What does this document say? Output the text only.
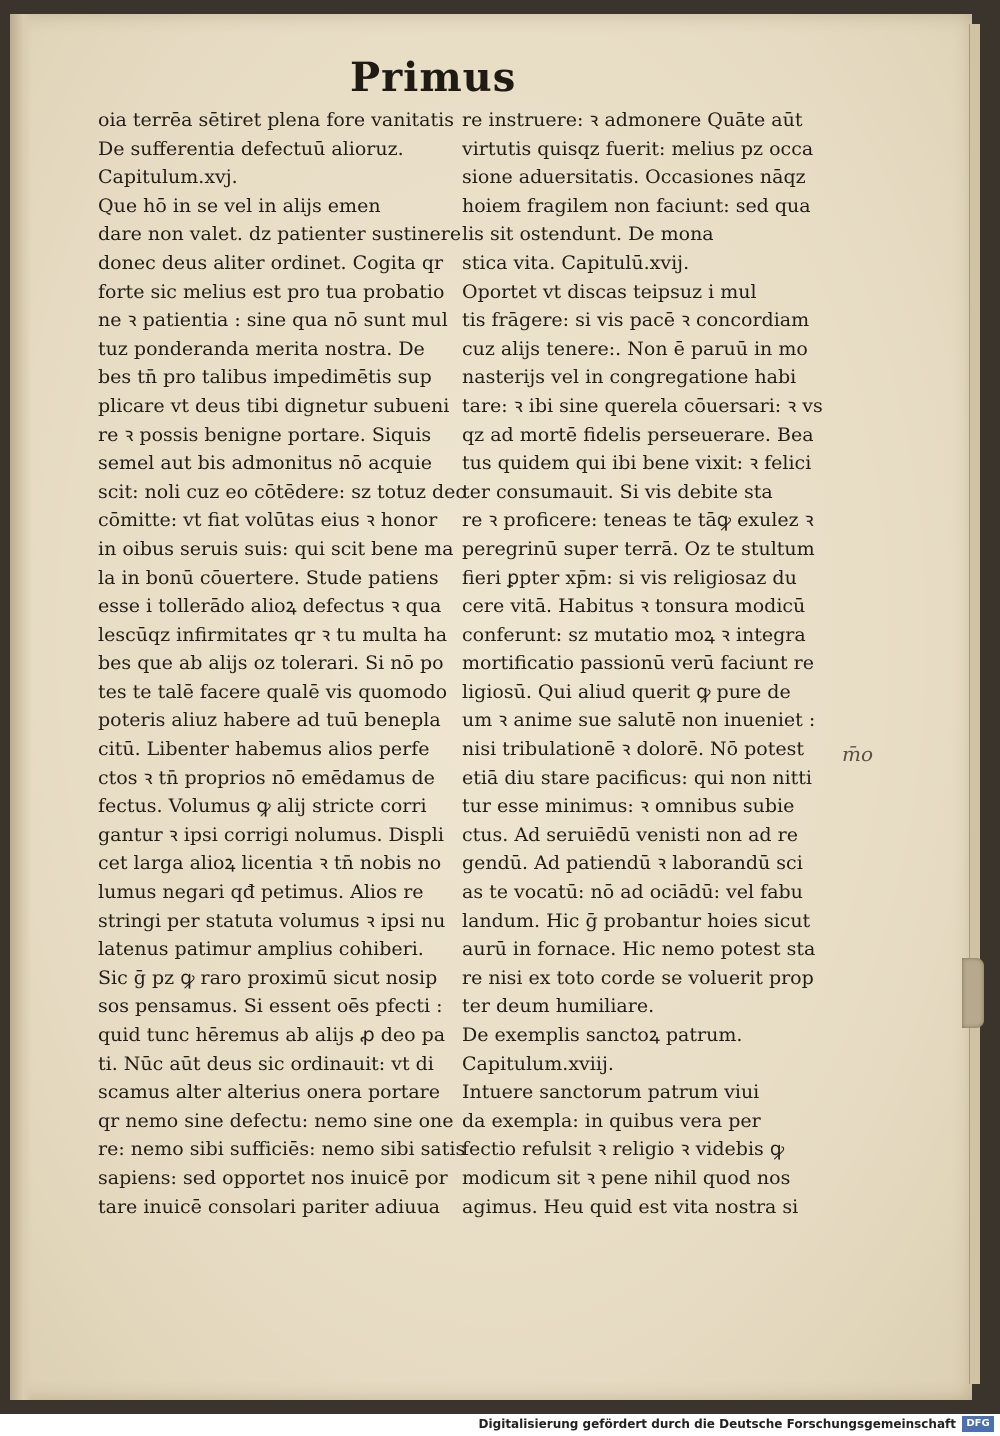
Primus
oia terrēa sētiret plena fore vanitatis
De sufferentia defectuū alioruz.
Capitulum.xvj.
Que hō in se vel in alijs emen
dare non valet. dz patienter sustinere
donec deus aliter ordinet. Cogita qr
forte sic melius est pro tua probatio
ne ꝛ patientia : sine qua nō sunt mul
tuz ponderanda merita nostra. De
bes tn̄ pro talibus impedimētis sup
plicare vt deus tibi dignetur subueni
re ꝛ possis benigne portare. Siquis
semel aut bis admonitus nō acquie
scit: noli cuz eo cōtēdere: sz totuz deo
cōmitte: vt fiat volūtas eius ꝛ honor
in oibus seruis suis: qui scit bene ma
la in bonū cōuertere. Stude patiens
esse i tollerādo alioꝝ defectus ꝛ qua
lescūqz infirmitates qr ꝛ tu multa ha
bes que ab alijs oz tolerari. Si nō po
tes te talē facere qualē vis quomodo
poteris aliuz habere ad tuū benepla
citū. Libenter habemus alios perfe
ctos ꝛ tn̄ proprios nō emēdamus de
fectus. Volumus ꝙ alij stricte corri
gantur ꝛ ipsi corrigi nolumus. Displi
cet larga alioꝝ licentia ꝛ tn̄ nobis no
lumus negari qđ petimus. Alios re
stringi per statuta volumus ꝛ ipsi nu
latenus patimur amplius cohiberi.
Sic ḡ pz ꝙ raro proximū sicut nosip
sos pensamus. Si essent oēs pfecti :
quid tunc hēremus ab alijs ꝓ deo pa
ti. Nūc aūt deus sic ordinauit: vt di
scamus alter alterius onera portare
qr nemo sine defectu: nemo sine one
re: nemo sibi sufficiēs: nemo sibi satis
sapiens: sed opportet nos inuicē por
tare inuicē consolari pariter adiuua
re instruere: ꝛ admonere Quāte aūt
virtutis quisqz fuerit: melius pz occa
sione aduersitatis. Occasiones nāqz
hoiem fragilem non faciunt: sed qua
lis sit ostendunt. De mona
stica vita. Capitulū.xvij.
Oportet vt discas teipsuz i mul
tis frāgere: si vis pacē ꝛ concordiam
cuz alijs tenere:. Non ē paruū in mo
nasterijs vel in congregatione habi
tare: ꝛ ibi sine querela cōuersari: ꝛ vs
qz ad mortē fidelis perseuerare. Bea
tus quidem qui ibi bene vixit: ꝛ felici
ter consumauit. Si vis debite sta
re ꝛ proficere: teneas te tāꝙ exulez ꝛ
peregrinū super terrā. Oz te stultum
fieri ꝑpter xp̄m: si vis religiosaz du
cere vitā. Habitus ꝛ tonsura modicū
conferunt: sz mutatio moꝝ ꝛ integra
mortificatio passionū verū faciunt re
ligiosū. Qui aliud querit ꝙ pure de
um ꝛ anime sue salutē non inueniet :
nisi tribulationē ꝛ dolorē. Nō potest
etiā diu stare pacificus: qui non nitti
tur esse minimus: ꝛ omnibus subie
ctus. Ad seruiēdū venisti non ad re
gendū. Ad patiendū ꝛ laborandū sci
as te vocatū: nō ad ociādū: vel fabu
landum. Hic ḡ probantur hoies sicut
aurū in fornace. Hic nemo potest sta
re nisi ex toto corde se voluerit prop
ter deum humiliare.
De exemplis sanctoꝝ patrum.
Capitulum.xviij.
Intuere sanctorum patrum viui
da exempla: in quibus vera per
fectio refulsit ꝛ religio ꝛ videbis ꝙ
modicum sit ꝛ pene nihil quod nos
agimus. Heu quid est vita nostra si
m̄o
Digitalisierung gefördert durch die Deutsche Forschungsgemeinschaft	DFG
